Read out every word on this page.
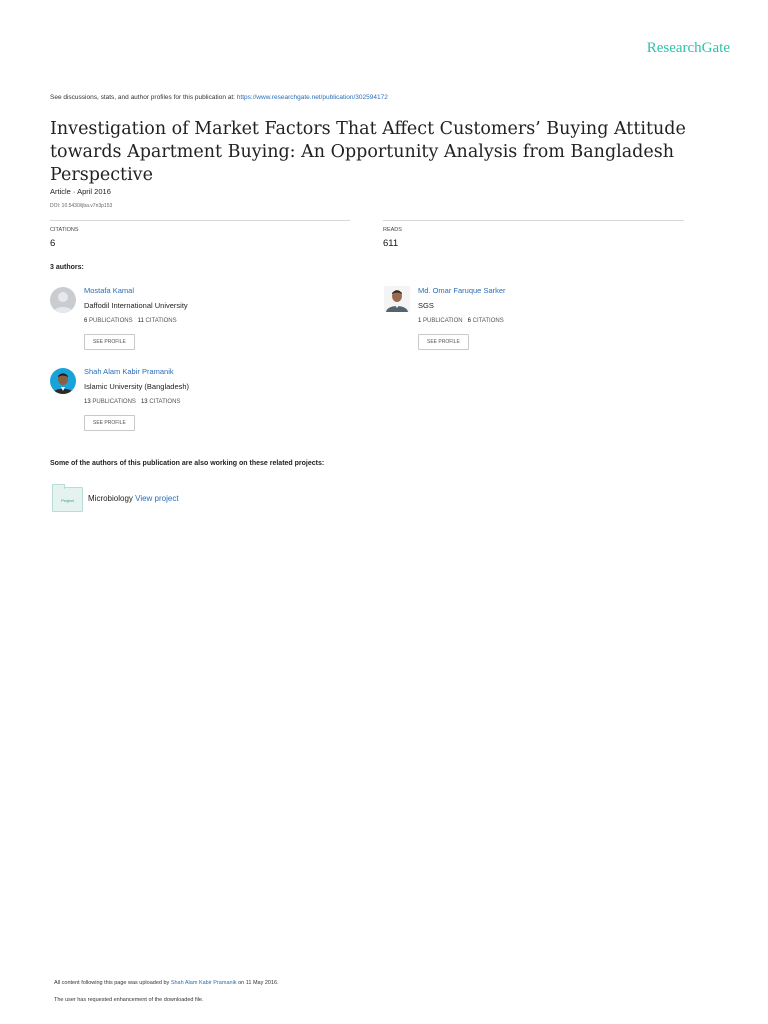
ResearchGate
See discussions, stats, and author profiles for this publication at: https://www.researchgate.net/publication/302594172
Investigation of Market Factors That Affect Customers’ Buying Attitude towards Apartment Buying: An Opportunity Analysis from Bangladesh Perspective
Article · April 2016
DOI: 10.5430/ijba.v7n3p153
CITATIONS
6
READS
611
3 authors:
Mostafa Kamal
Daffodil International University
6 PUBLICATIONS 11 CITATIONS
SEE PROFILE
Md. Omar Faruque Sarker
SGS
1 PUBLICATION 6 CITATIONS
SEE PROFILE
Shah Alam Kabir Pramanik
Islamic University (Bangladesh)
13 PUBLICATIONS 13 CITATIONS
SEE PROFILE
Some of the authors of this publication are also working on these related projects:
Project	Microbiology View project
All content following this page was uploaded by Shah Alam Kabir Pramanik on 11 May 2016.
The user has requested enhancement of the downloaded file.
